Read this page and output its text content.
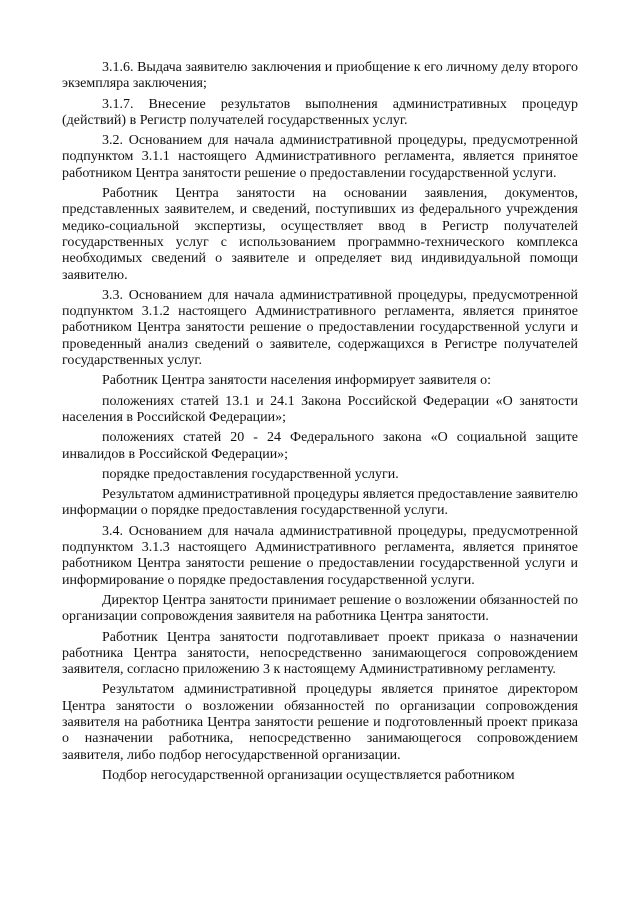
3.1.6. Выдача заявителю заключения и приобщение к его личному делу второго экземпляра заключения;

3.1.7. Внесение результатов выполнения административных процедур (действий) в Регистр получателей государственных услуг.

3.2. Основанием для начала административной процедуры, предусмотренной подпунктом 3.1.1 настоящего Административного регламента, является принятое работником Центра занятости решение о предоставлении государственной услуги.

Работник Центра занятости на основании заявления, документов, представленных заявителем, и сведений, поступивших из федерального учреждения медико-социальной экспертизы, осуществляет ввод в Регистр получателей государственных услуг с использованием программно-технического комплекса необходимых сведений о заявителе и определяет вид индивидуальной помощи заявителю.

3.3. Основанием для начала административной процедуры, предусмотренной подпунктом 3.1.2 настоящего Административного регламента, является принятое работником Центра занятости решение о предоставлении государственной услуги и проведенный анализ сведений о заявителе, содержащихся в Регистре получателей государственных услуг.

Работник Центра занятости населения информирует заявителя о:

положениях статей 13.1 и 24.1 Закона Российской Федерации «О занятости населения в Российской Федерации»;

положениях статей 20 - 24 Федерального закона «О социальной защите инвалидов в Российской Федерации»;

порядке предоставления государственной услуги.

Результатом административной процедуры является предоставление заявителю информации о порядке предоставления государственной услуги.

3.4. Основанием для начала административной процедуры, предусмотренной подпунктом 3.1.3 настоящего Административного регламента, является принятое работником Центра занятости решение о предоставлении государственной услуги и информирование о порядке предоставления государственной услуги.

Директор Центра занятости принимает решение о возложении обязанностей по организации сопровождения заявителя на работника Центра занятости.

Работник Центра занятости подготавливает проект приказа о назначении работника Центра занятости, непосредственно занимающегося сопровождением заявителя, согласно приложению 3 к настоящему Административному регламенту.

Результатом административной процедуры является принятое директором Центра занятости о возложении обязанностей по организации сопровождения заявителя на работника Центра занятости решение и подготовленный проект приказа о назначении работника, непосредственно занимающегося сопровождением заявителя, либо подбор негосударственной организации.

Подбор негосударственной организации осуществляется работником
